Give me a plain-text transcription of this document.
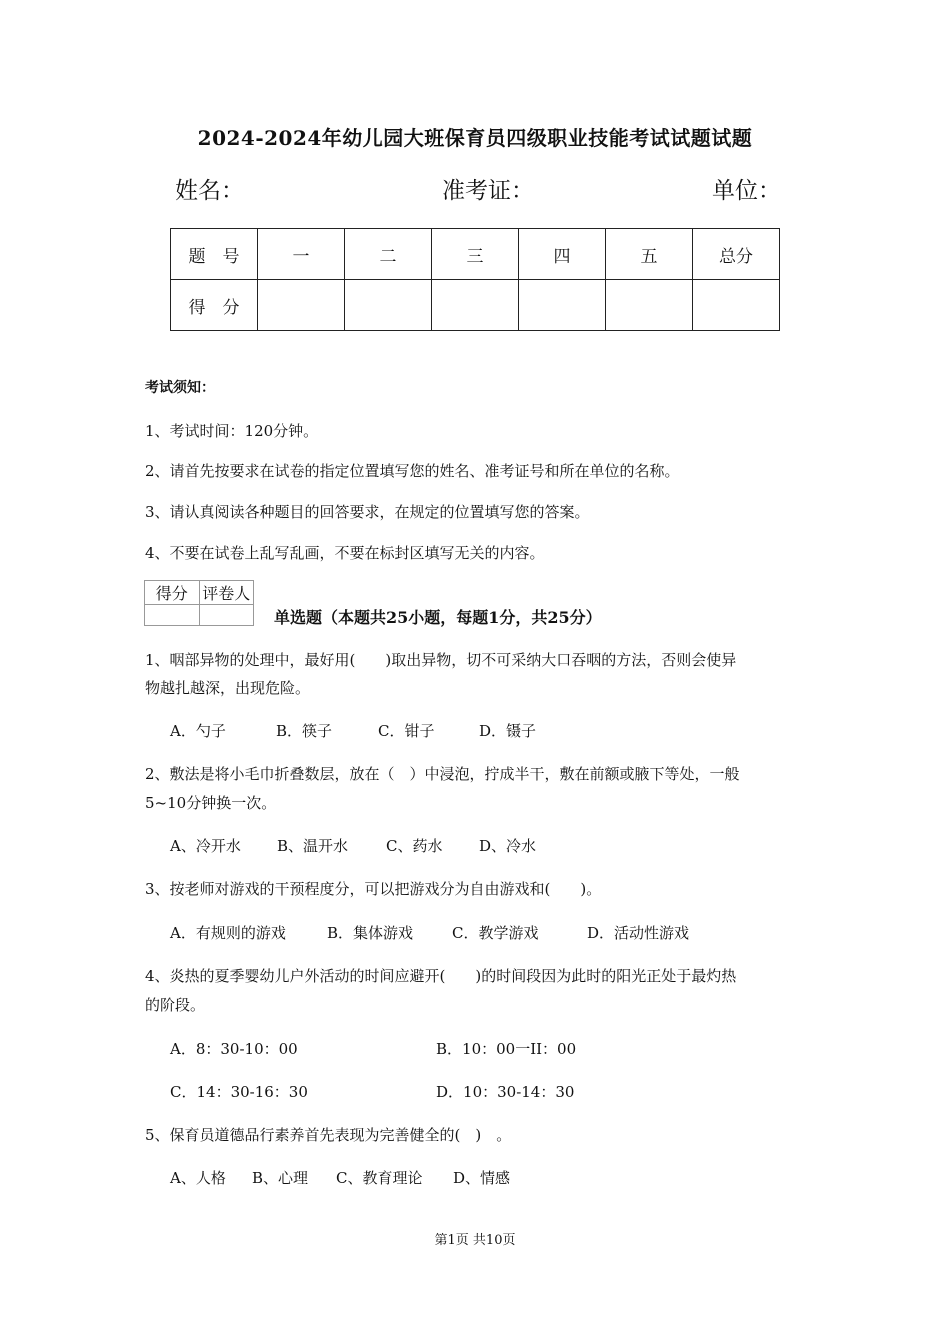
2024-2024年幼儿园大班保育员四级职业技能考试试题试题
姓名：	准考证：	单位：
题　号	一	二	三	四	五	总分
得　分						
考试须知：
1、考试时间：120分钟。
2、请首先按要求在试卷的指定位置填写您的姓名、准考证号和所在单位的名称。
3、请认真阅读各种题目的回答要求，在规定的位置填写您的答案。
4、不要在试卷上乱写乱画，不要在标封区填写无关的内容。
得分	评卷人

单选题（本题共25小题，每题1分，共25分）
1、咽部异物的处理中，最好用(　　)取出异物，切不可采纳大口吞咽的方法，否则会使异
物越扎越深，出现危险。
A．勺子	B．筷子	C．钳子	D．镊子
2、敷法是将小毛巾折叠数层，放在（　）中浸泡，拧成半干，敷在前额或腋下等处，一般
5~10分钟换一次。
A、冷开水 B、温开水	C、药水 D、冷水
3、按老师对游戏的干预程度分，可以把游戏分为自由游戏和(　　)。
A．有规则的游戏	B．集体游戏	C．教学游戏	D．活动性游戏
4、炎热的夏季婴幼儿户外活动的时间应避开(　　)的时间段因为此时的阳光正处于最灼热
的阶段。
A．8：30-10：00	B．10：00一II：00
C．14：30-16：30	D．10：30-14：30
5、保育员道德品行素养首先表现为完善健全的(　)　。
A、人格 B、心理 C、教育理论 D、情感
第1页 共10页
